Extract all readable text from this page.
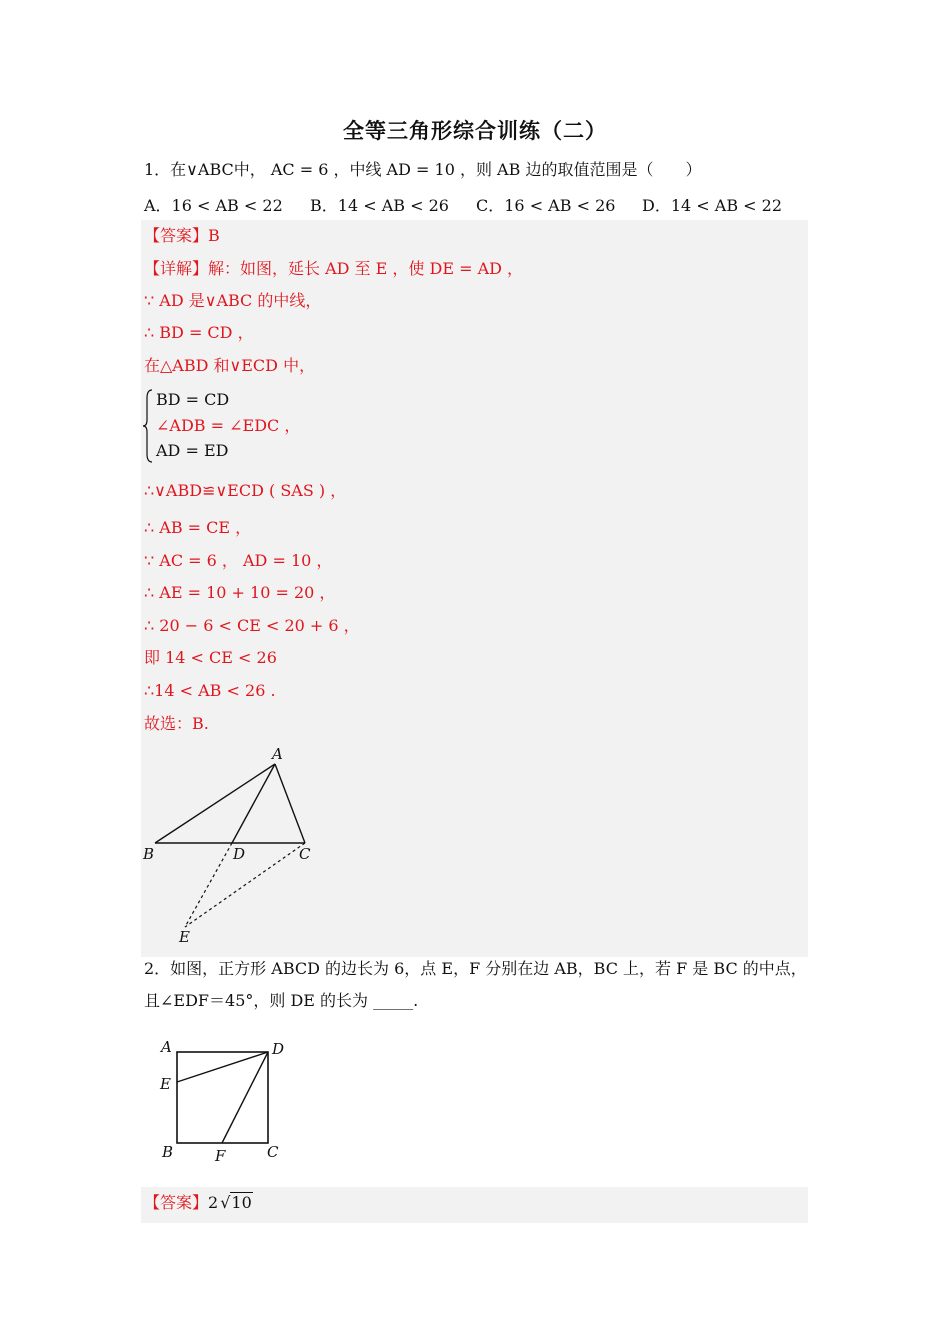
全等三角形综合训练（二）
1．在∨ABC中， AC = 6 ，中线 AD = 10 ，则 AB 边的取值范围是（　　）
A．16 < AB < 22 B．14 < AB < 26 C．16 < AB < 26 D．14 < AB < 22
【答案】B
【详解】解：如图，延长 AD 至 E ，使 DE = AD ，
∵ AD 是∨ABC 的中线，
∴ BD = CD ，
在△ABD 和∨ECD 中，
BD = CD
∠ADB = ∠EDC ，
AD = ED
∴∨ABD≌∨ECD ( SAS ) ，
∴ AB = CE ，
∵ AC = 6 ， AD = 10 ，
∴ AE = 10 + 10 = 20 ，
∴ 20 − 6 < CE < 20 + 6 ，
即 14 < CE < 26
∴14 < AB < 26 .
故选：B.
A
B	D	C
E
2．如图，正方形 ABCD 的边长为 6，点 E，F 分别在边 AB，BC 上，若 F 是 BC 的中点，
且∠EDF＝45°，则 DE 的长为 _____.
A	D
E
B	F	C
【答案】2 √10
